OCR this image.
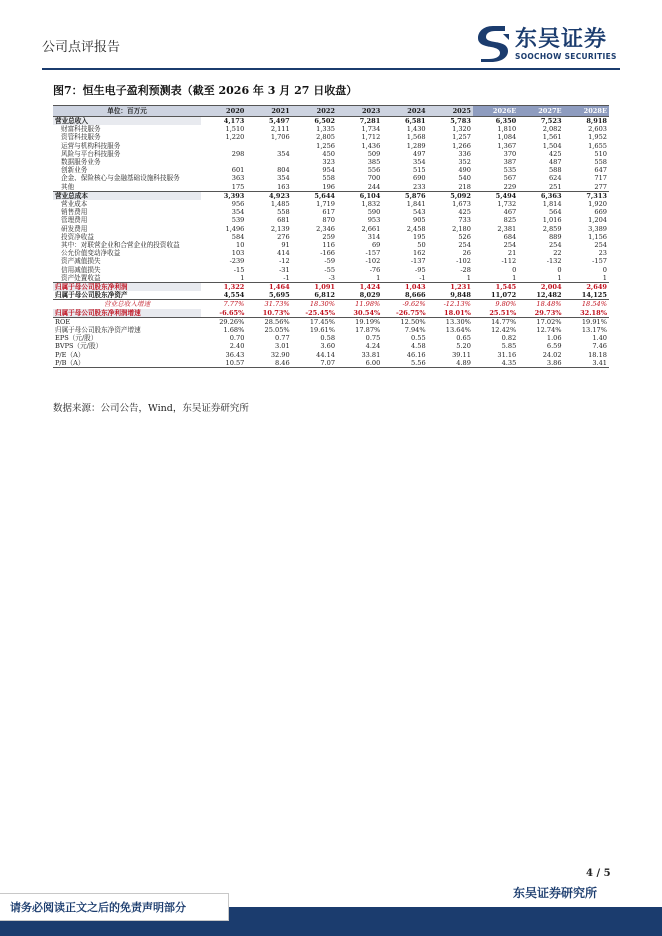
公司点评报告	东吴证券
SOOCHOW SECURITIES
图7：恒生电子盈利预测表（截至 2026 年 3 月 27 日收盘）
单位：百万元	2020	2021	2022	2023	2024	2025	2026E	2027E	2028E
营业总收入	4,173	5,497	6,502	7,281	6,581	5,783	6,350	7,523	8,918
财富科技服务	1,510	2,111	1,335	1,734	1,430	1,320	1,810	2,082	2,603
资管科技服务	1,220	1,706	2,805	1,712	1,568	1,257	1,084	1,561	1,952
运营与机构科技服务			1,256	1,436	1,289	1,266	1,367	1,504	1,655
风险与平台科技服务	298	354	450	509	497	336	370	425	510
数据服务业务			323	385	354	352	387	487	558
创新业务	601	804	954	556	515	490	535	588	647
企金、保险核心与金融基础设施科技服务	363	354	558	700	690	540	567	624	717
其他	175	163	196	244	233	218	229	251	277
营业总成本	3,393	4,923	5,644	6,104	5,876	5,092	5,494	6,363	7,313
营业成本	956	1,485	1,719	1,832	1,841	1,673	1,732	1,814	1,920
销售费用	354	558	617	590	543	425	467	564	669
管理费用	539	681	870	953	905	733	825	1,016	1,204
研发费用	1,496	2,139	2,346	2,661	2,458	2,180	2,381	2,859	3,389
投资净收益	584	276	259	314	195	526	684	889	1,156
其中：对联营企业和合营企业的投资收益	10	91	116	69	50	254	254	254	254
公允价值变动净收益	103	414	-166	-157	162	26	21	22	23
资产减值损失	-239	-12	-59	-102	-137	-102	-112	-132	-157
信用减值损失	-15	-31	-55	-76	-95	-28	0	0	0
资产处置收益	1	-1	-3	1	-1	1	1	1	1
归属于母公司股东净利润	1,322	1,464	1,091	1,424	1,043	1,231	1,545	2,004	2,649
归属于母公司股东净资产	4,554	5,695	6,812	8,029	8,666	9,848	11,072	12,482	14,125
营业总收入增速	7.77%	31.73%	18.30%	11.98%	-9.62%	-12.13%	9.80%	18.48%	18.54%
归属于母公司股东净利润增速	-6.65%	10.73%	-25.45%	30.54%	-26.75%	18.01%	25.51%	29.73%	32.18%
ROE	29.26%	28.56%	17.45%	19.19%	12.50%	13.30%	14.77%	17.02%	19.91%
归属于母公司股东净资产增速	1.68%	25.05%	19.61%	17.87%	7.94%	13.64%	12.42%	12.74%	13.17%
EPS（元/股）	0.70	0.77	0.58	0.75	0.55	0.65	0.82	1.06	1.40
BVPS（元/股）	2.40	3.01	3.60	4.24	4.58	5.20	5.85	6.59	7.46
P/E（A）	36.43	32.90	44.14	33.81	46.16	39.11	31.16	24.02	18.18
P/B（A）	10.57	8.46	7.07	6.00	5.56	4.89	4.35	3.86	3.41
数据来源：公司公告，Wind，东吴证券研究所
4 / 5
东吴证券研究所
请务必阅读正文之后的免责声明部分
